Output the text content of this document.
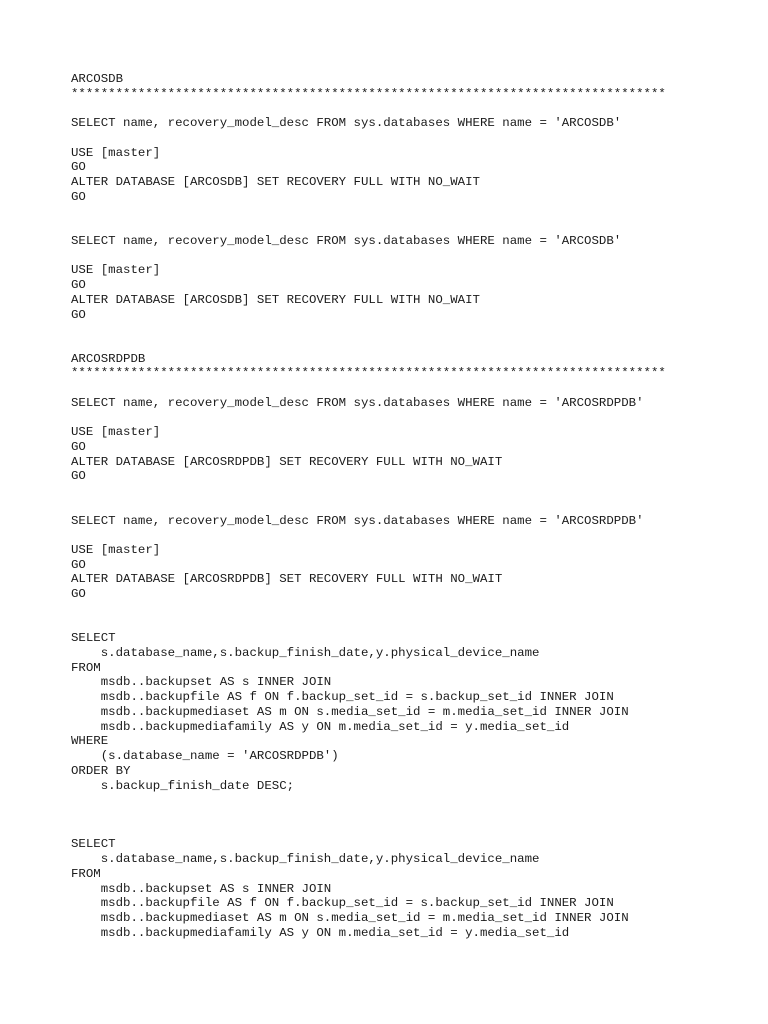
ARCOSDB
********************************************************************************
SELECT name, recovery_model_desc FROM sys.databases WHERE name = 'ARCOSDB'
USE [master]
GO
ALTER DATABASE [ARCOSDB] SET RECOVERY FULL WITH NO_WAIT
GO
SELECT name, recovery_model_desc FROM sys.databases WHERE name = 'ARCOSDB'
USE [master]
GO
ALTER DATABASE [ARCOSDB] SET RECOVERY FULL WITH NO_WAIT
GO
ARCOSRDPDB
********************************************************************************
SELECT name, recovery_model_desc FROM sys.databases WHERE name = 'ARCOSRDPDB'
USE [master]
GO
ALTER DATABASE [ARCOSRDPDB] SET RECOVERY FULL WITH NO_WAIT
GO
SELECT name, recovery_model_desc FROM sys.databases WHERE name = 'ARCOSRDPDB'
USE [master]
GO
ALTER DATABASE [ARCOSRDPDB] SET RECOVERY FULL WITH NO_WAIT
GO
SELECT
s.database_name,s.backup_finish_date,y.physical_device_name
FROM
msdb..backupset AS s INNER JOIN
msdb..backupfile AS f ON f.backup_set_id = s.backup_set_id INNER JOIN
msdb..backupmediaset AS m ON s.media_set_id = m.media_set_id INNER JOIN
msdb..backupmediafamily AS y ON m.media_set_id = y.media_set_id
WHERE
(s.database_name = 'ARCOSRDPDB')
ORDER BY
s.backup_finish_date DESC;
SELECT
s.database_name,s.backup_finish_date,y.physical_device_name
FROM
msdb..backupset AS s INNER JOIN
msdb..backupfile AS f ON f.backup_set_id = s.backup_set_id INNER JOIN
msdb..backupmediaset AS m ON s.media_set_id = m.media_set_id INNER JOIN
msdb..backupmediafamily AS y ON m.media_set_id = y.media_set_id
